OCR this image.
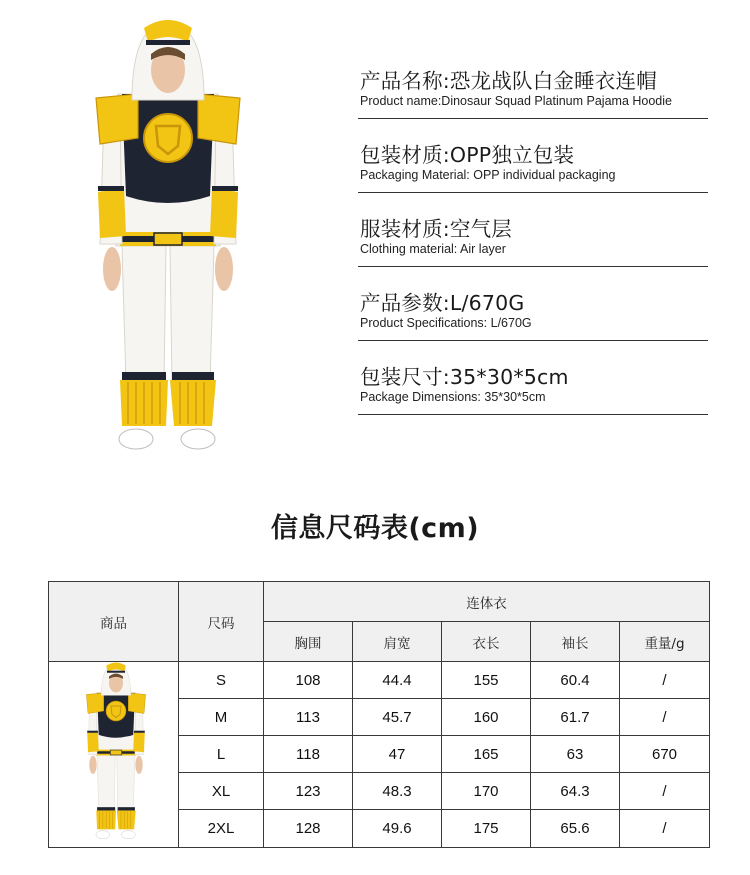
产品名称:恐龙战队白金睡衣连帽
Product name:Dinosaur Squad Platinum Pajama Hoodie
包装材质:OPP独立包装
Packaging Material: OPP individual packaging
服装材质:空气层
Clothing material: Air layer
产品参数:L/670G
Product Specifications: L/670G
包装尺寸:35*30*5cm
Package Dimensions: 35*30*5cm
信息尺码表(cm)
商品	尺码	连体衣				
		胸围	肩宽	衣长	袖长	重量/g
	S	108	44.4	155	60.4	/
	M	113	45.7	160	61.7	/
	L	118	47	165	63	670
	XL	123	48.3	170	64.3	/
	2XL	128	49.6	175	65.6	/
